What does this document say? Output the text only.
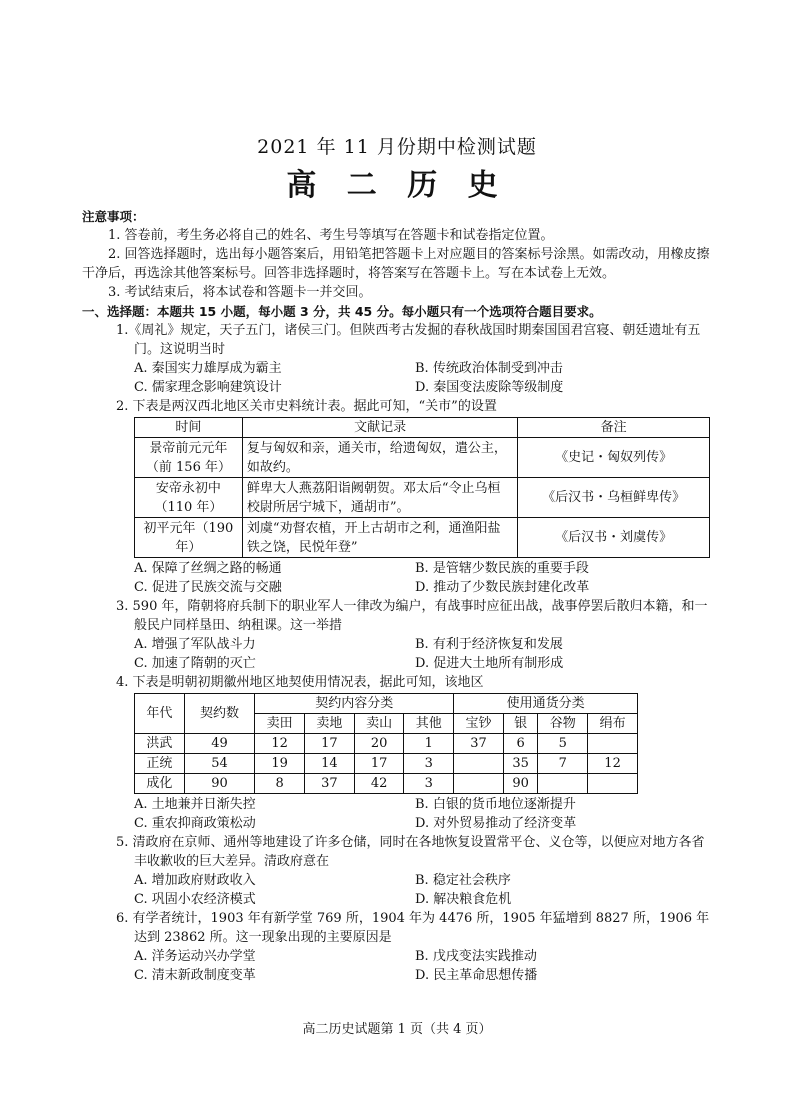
2021 年 11 月份期中检测试题
高 二 历 史

注意事项：

1. 答卷前，考生务必将自己的姓名、考生号等填写在答题卡和试卷指定位置。

2. 回答选择题时，选出每小题答案后，用铅笔把答题卡上对应题目的答案标号涂黑。如需改动，用橡皮擦干净后，再选涂其他答案标号。回答非选择题时，将答案写在答题卡上。写在本试卷上无效。

3. 考试结束后，将本试卷和答题卡一并交回。

一、选择题：本题共 15 小题，每小题 3 分，共 45 分。每小题只有一个选项符合题目要求。

1.《周礼》规定，天子五门，诸侯三门。但陕西考古发掘的春秋战国时期秦国国君宫寝、朝廷遗址有五门。这说明当时

A. 秦国实力雄厚成为霸主	B. 传统政治体制受到冲击
C. 儒家理念影响建筑设计	D. 秦国变法废除等级制度

2. 下表是两汉西北地区关市史料统计表。据此可知，“关市”的设置

时间	文献记录	备注
景帝前元元年（前 156 年）	复与匈奴和亲，通关市，给遗匈奴，遣公主，如故约。	《史记・匈奴列传》
安帝永初中（110 年）	鲜卑大人燕荔阳诣阙朝贺。邓太后“令止乌桓校尉所居宁城下，通胡市”。	《后汉书・乌桓鲜卑传》
初平元年（190 年）	刘虞“劝督农植，开上古胡市之利，通渔阳盐铁之饶，民悦年登”	《后汉书・刘虞传》
A. 保障了丝绸之路的畅通	B. 是管辖少数民族的重要手段
C. 促进了民族交流与交融	D. 推动了少数民族封建化改革

3. 590 年，隋朝将府兵制下的职业军人一律改为编户，有战事时应征出战，战事停罢后散归本籍，和一般民户同样垦田、纳租课。这一举措

A. 增强了军队战斗力	B. 有利于经济恢复和发展
C. 加速了隋朝的灭亡	D. 促进大土地所有制形成

4. 下表是明朝初期徽州地区地契使用情况表，据此可知，该地区

年代	契约数	契约内容分类				使用通货分类			
		卖田	卖地	卖山	其他	宝钞	银	谷物	绢布
洪武	49	12	17	20	1	37	6	5	
正统	54	19	14	17	3		35	7	12
成化	90	8	37	42	3		90		
A. 土地兼并日渐失控	B. 白银的货币地位逐渐提升
C. 重农抑商政策松动	D. 对外贸易推动了经济变革

5. 清政府在京师、通州等地建设了许多仓储，同时在各地恢复设置常平仓、义仓等，以便应对地方各省丰收歉收的巨大差异。清政府意在

A. 增加政府财政收入	B. 稳定社会秩序
C. 巩固小农经济模式	D. 解决粮食危机

6. 有学者统计，1903 年有新学堂 769 所，1904 年为 4476 所，1905 年猛增到 8827 所，1906 年达到 23862 所。这一现象出现的主要原因是

A. 洋务运动兴办学堂	B. 戊戌变法实践推动
C. 清末新政制度变革	D. 民主革命思想传播
高二历史试题第 1 页（共 4 页）
